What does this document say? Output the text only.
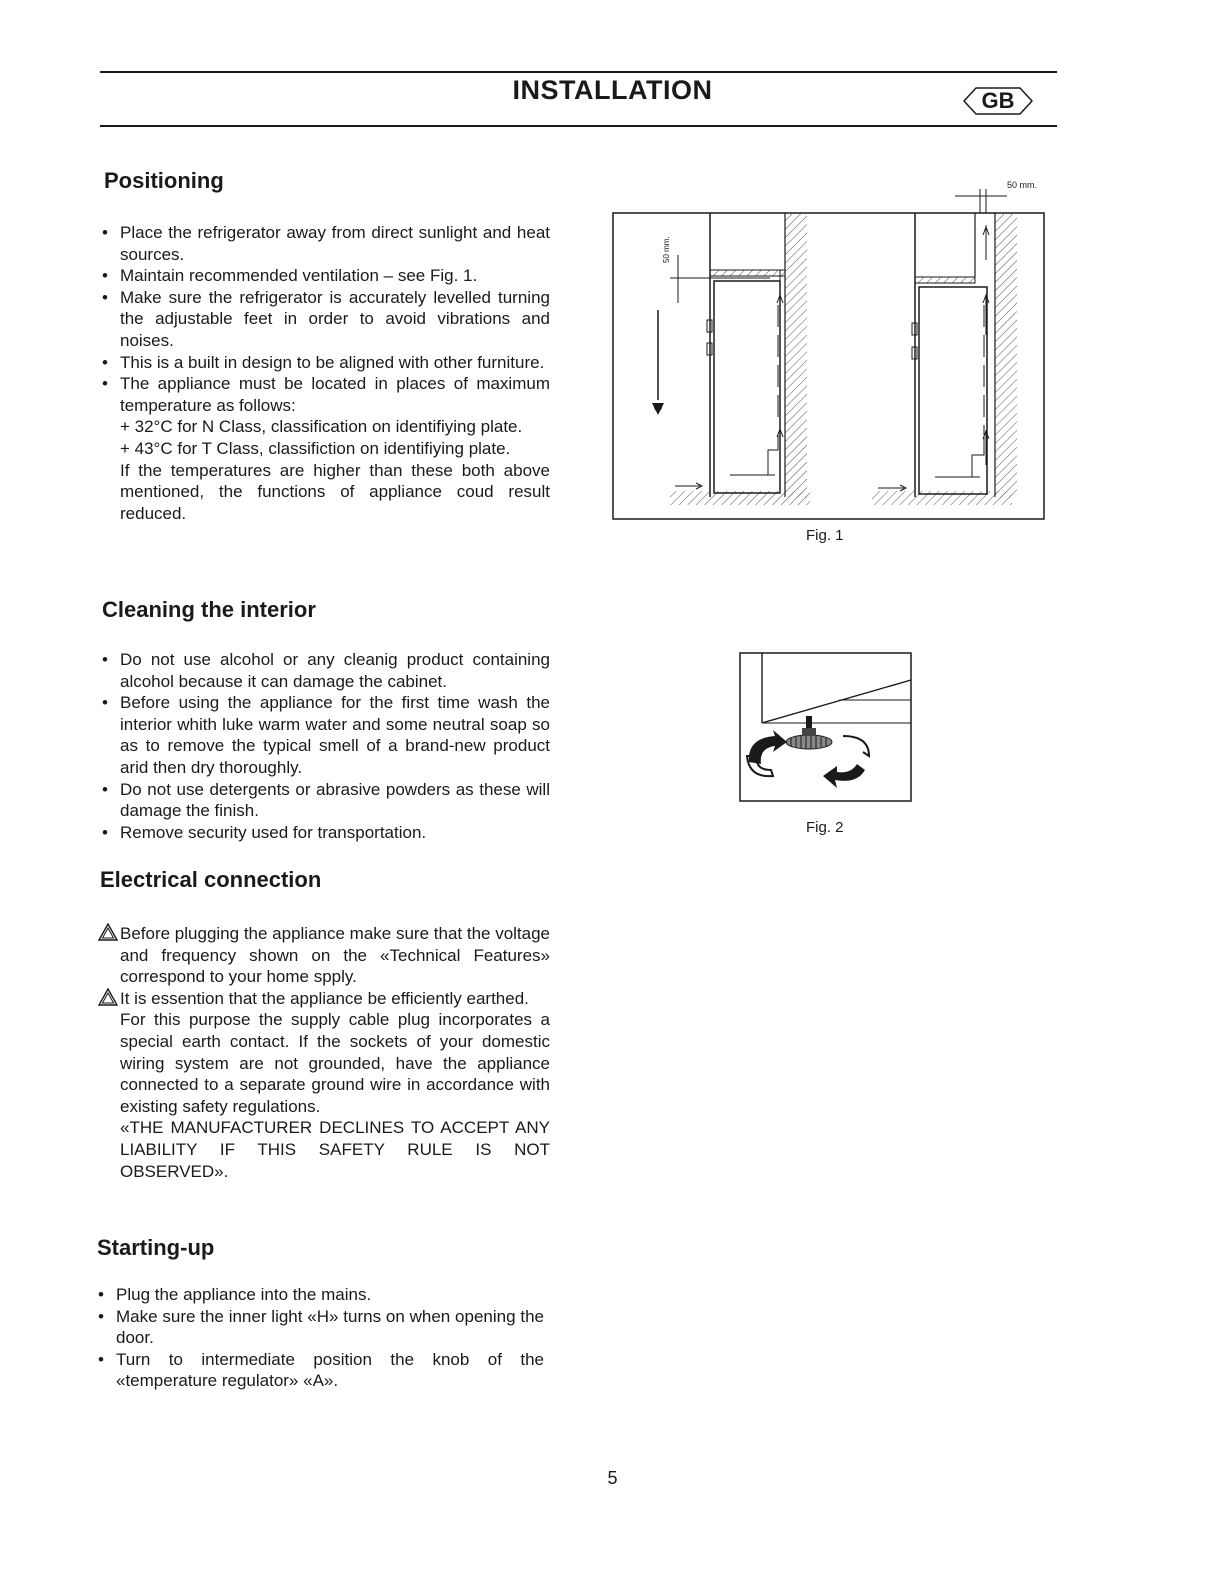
INSTALLATION	GB
Positioning

• Place the refrigerator away from direct sunlight and heat sources.

• Maintain recommended ventilation – see Fig. 1.

• Make sure the refrigerator is accurately levelled turning the adjustable feet in order to avoid vibrations and noises.

• This is a built in design to be aligned with other furniture.

• The appliance must be located in places of maximum temperature as follows:

+ 32°C for N Class, classification on identifiying plate.

+ 43°C for T Class, classifiction on identifiying plate.

If the temperatures are higher than these both above mentioned, the functions of appliance coud result reduced.

Cleaning the interior

• Do not use alcohol or any cleanig product containing alcohol because it can damage the cabinet.

• Before using the appliance for the first time wash the interior whith luke warm water and some neutral soap so as to remove the typical smell of a brand-new product arid then dry thoroughly.

• Do not use detergents or abrasive powders as these will damage the finish.

• Remove security used for transportation.

Electrical connection

Before plugging the appliance make sure that the voltage and frequency shown on the «Technical Features» correspond to your home spply.

It is essention that the appliance be efficiently earthed.

For this purpose the supply cable plug incorporates a special earth contact. If the sockets of your domestic wiring system are not grounded, have the appliance connected to a separate ground wire in accordance with existing safety regulations.

«THE MANUFACTURER DECLINES TO ACCEPT ANY LIABILITY IF THIS SAFETY RULE IS NOT OBSERVED».

Starting-up

• Plug the appliance into the mains.

• Make sure the inner light «H» turns on when opening the door.

• Turn to intermediate position the knob of the «temperature regulator» «A».

50 mm.
50 mm.
Fig. 1
Fig. 2
5
